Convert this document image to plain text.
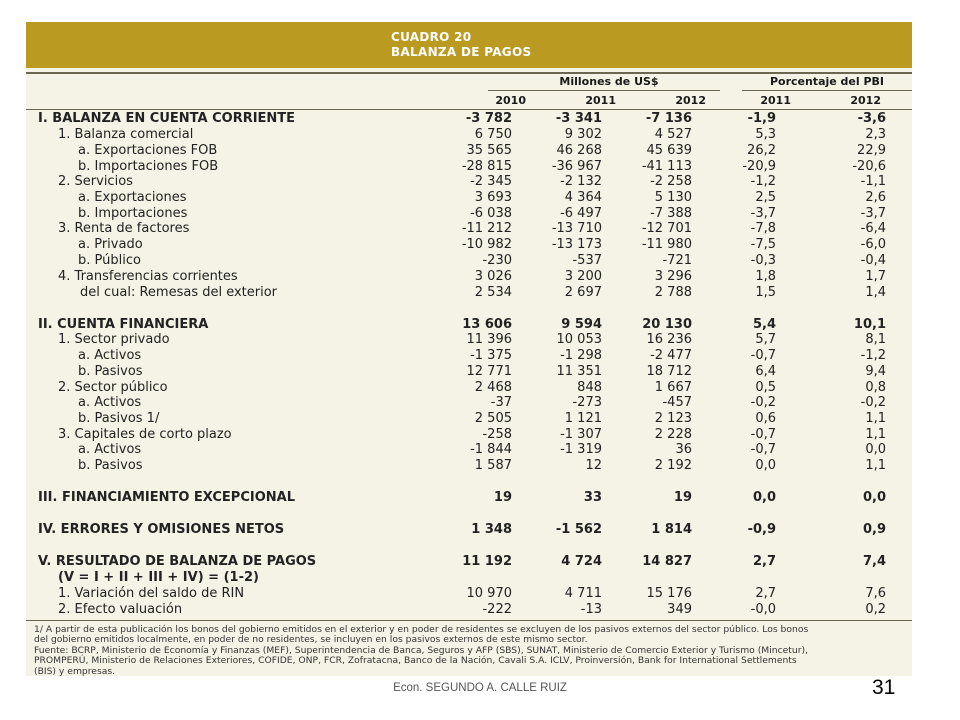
CUADRO 20
BALANZA DE PAGOS
Millones de US$	Porcentaje del PBI
2010	2011	2012	2011	2012
I. BALANZA EN CUENTA CORRIENTE	-3 782	-3 341	-7 136	-1,9	-3,6
1. Balanza comercial	6 750	9 302	4 527	5,3	2,3
a. Exportaciones FOB	35 565	46 268	45 639	26,2	22,9
b. Importaciones FOB	-28 815	-36 967	-41 113	-20,9	-20,6
2. Servicios	-2 345	-2 132	-2 258	-1,2	-1,1
a. Exportaciones	3 693	4 364	5 130	2,5	2,6
b. Importaciones	-6 038	-6 497	-7 388	-3,7	-3,7
3. Renta de factores	-11 212	-13 710	-12 701	-7,8	-6,4
a. Privado	-10 982	-13 173	-11 980	-7,5	-6,0
b. Público	-230	-537	-721	-0,3	-0,4
4. Transferencias corrientes	3 026	3 200	3 296	1,8	1,7
del cual: Remesas del exterior	2 534	2 697	2 788	1,5	1,4
II. CUENTA FINANCIERA	13 606	9 594	20 130	5,4	10,1
1. Sector privado	11 396	10 053	16 236	5,7	8,1
a. Activos	-1 375	-1 298	-2 477	-0,7	-1,2
b. Pasivos	12 771	11 351	18 712	6,4	9,4
2. Sector público	2 468	848	1 667	0,5	0,8
a. Activos	-37	-273	-457	-0,2	-0,2
b. Pasivos 1/	2 505	1 121	2 123	0,6	1,1
3. Capitales de corto plazo	-258	-1 307	2 228	-0,7	1,1
a. Activos	-1 844	-1 319	36	-0,7	0,0
b. Pasivos	1 587	12	2 192	0,0	1,1
III. FINANCIAMIENTO EXCEPCIONAL	19	33	19	0,0	0,0
IV. ERRORES Y OMISIONES NETOS	1 348	-1 562	1 814	-0,9	0,9
V. RESULTADO DE BALANZA DE PAGOS	11 192	4 724	14 827	2,7	7,4
(V = I + II + III + IV) = (1-2)
1. Variación del saldo de RIN	10 970	4 711	15 176	2,7	7,6
2. Efecto valuación	-222	-13	349	-0,0	0,2
1/ A partir de esta publicación los bonos del gobierno emitidos en el exterior y en poder de residentes se excluyen de los pasivos externos del sector público. Los bonos
del gobierno emitidos localmente, en poder de no residentes, se incluyen en los pasivos externos de este mismo sector.
Fuente: BCRP, Ministerio de Economía y Finanzas (MEF), Superintendencia de Banca, Seguros y AFP (SBS), SUNAT, Ministerio de Comercio Exterior y Turismo (Mincetur),
PROMPERÚ, Ministerio de Relaciones Exteriores, COFIDE, ONP, FCR, Zofratacna, Banco de la Nación, Cavali S.A. ICLV, Proinversión, Bank for International Settlements
(BIS) y empresas.
Econ. SEGUNDO A. CALLE RUIZ	31
